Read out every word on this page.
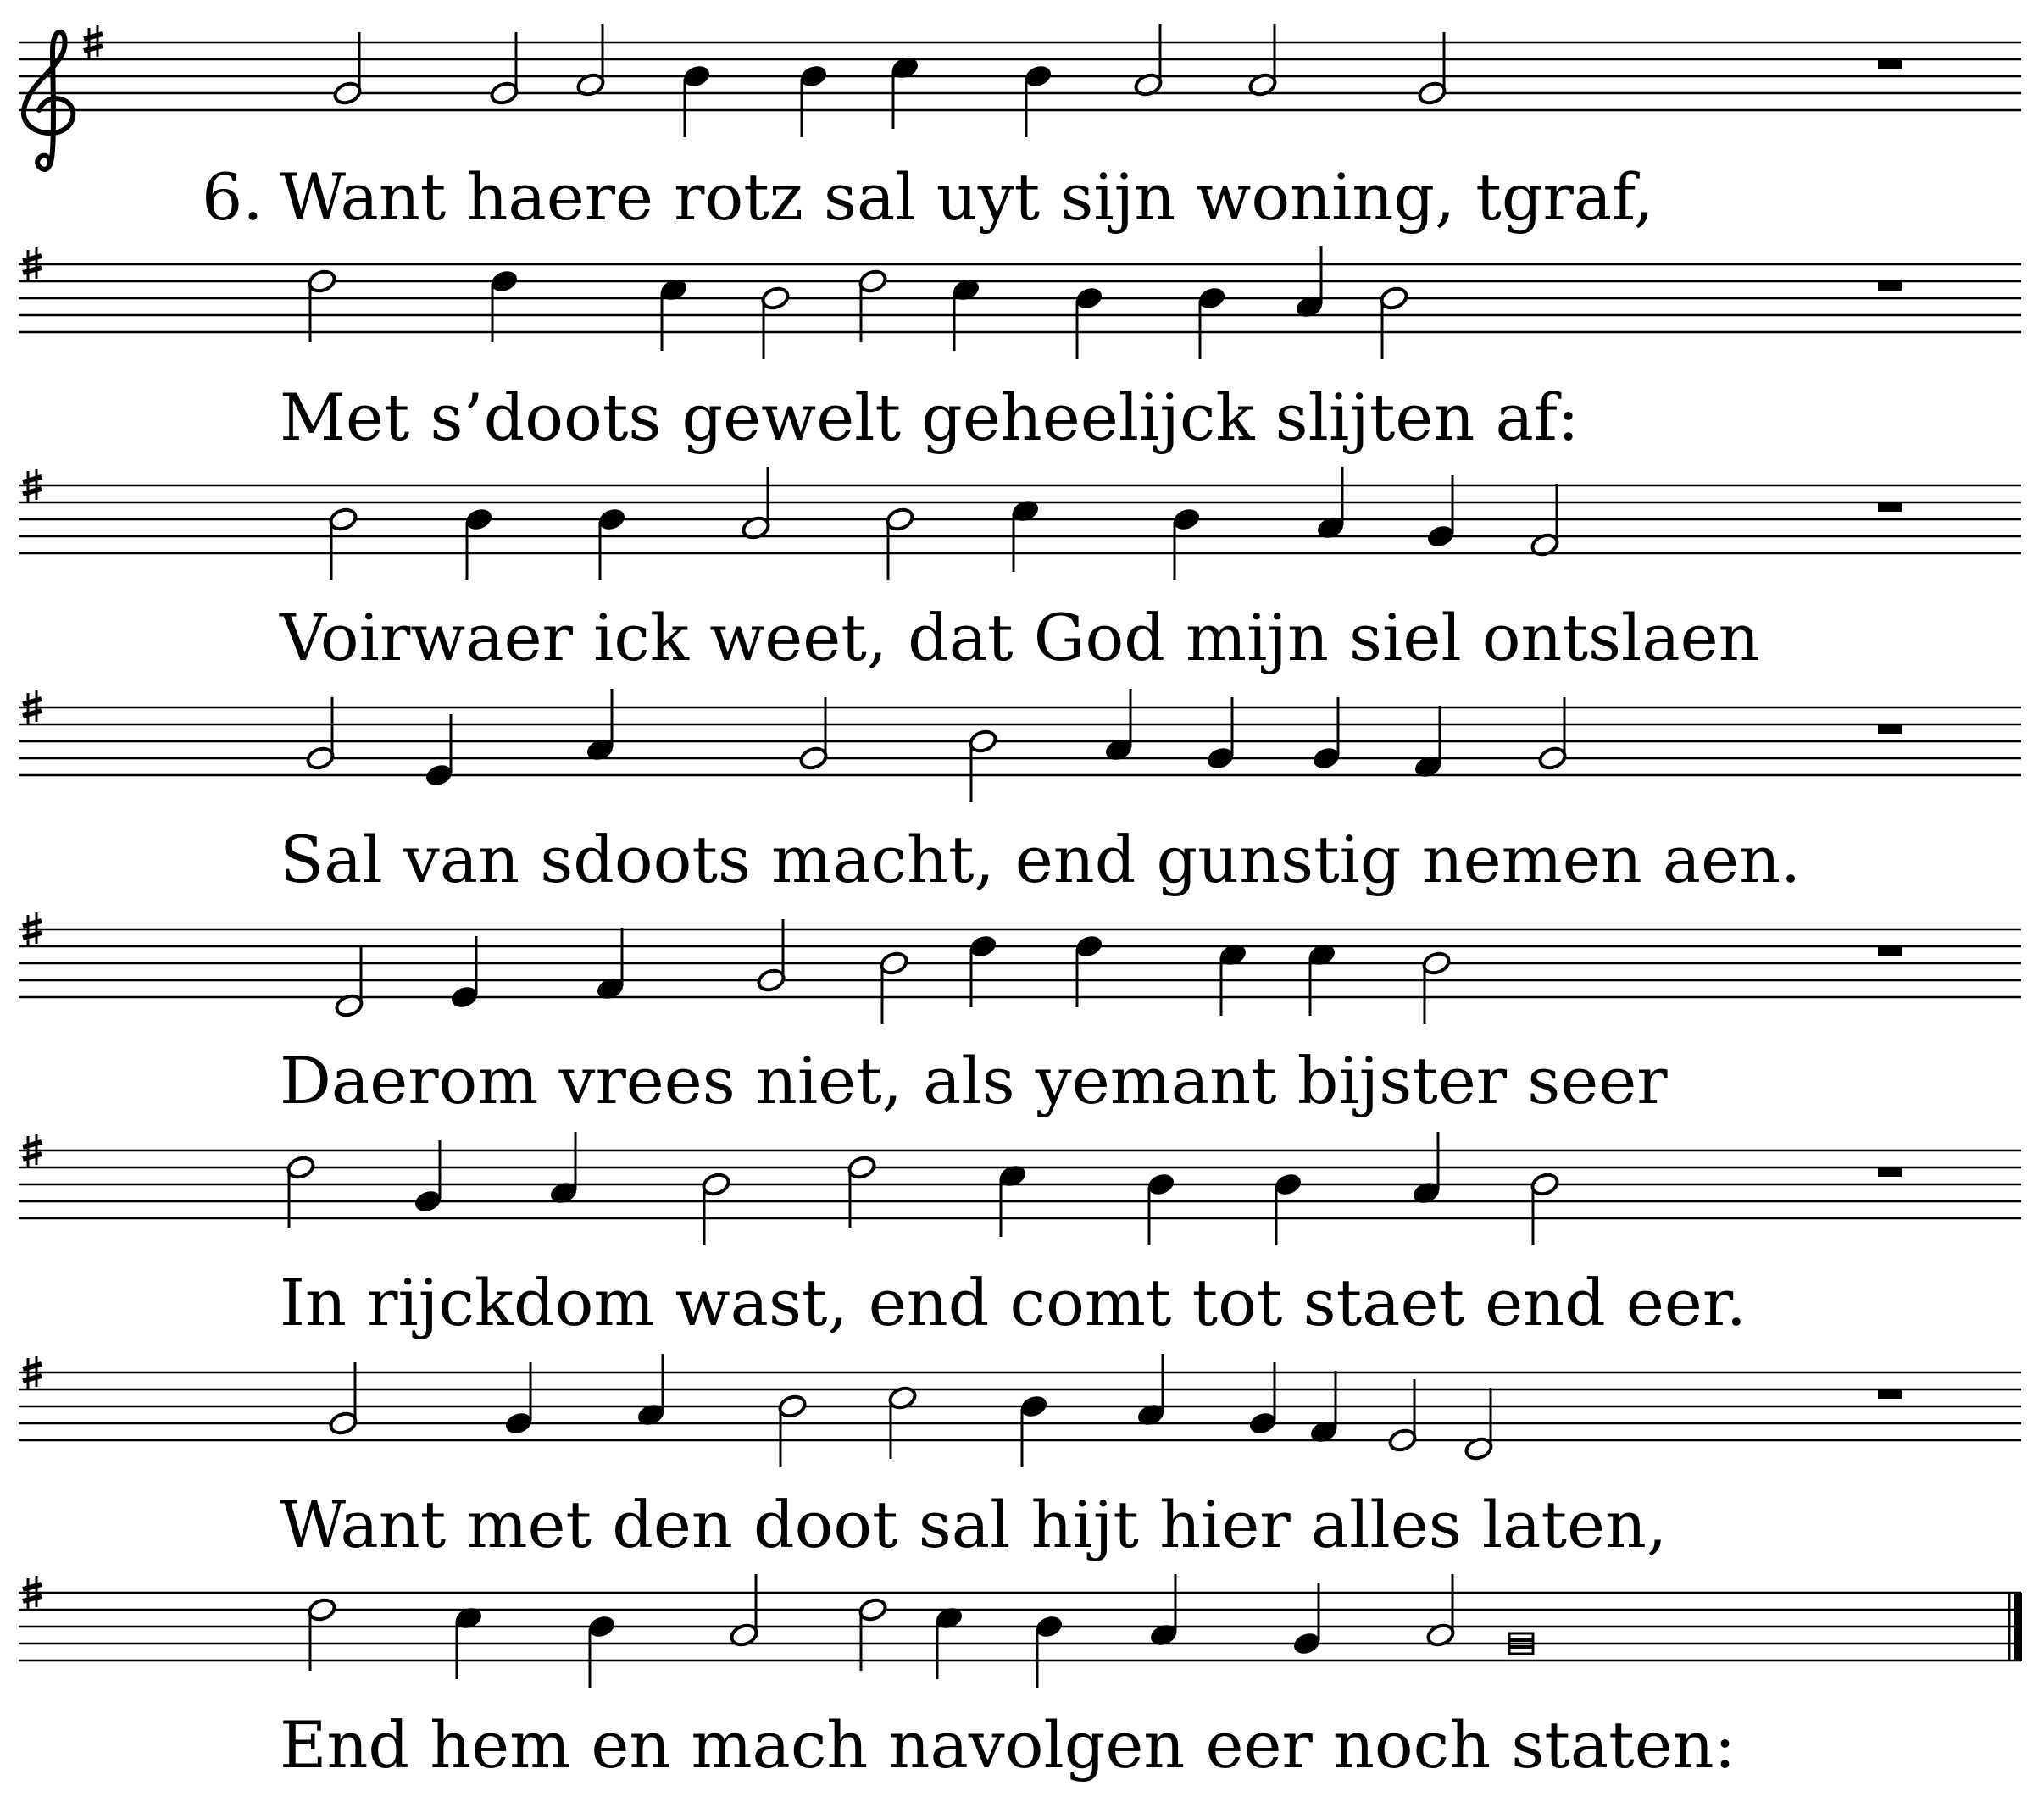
Want haere rotz sal uyt sijn woning, tgraf,
Met s’doots gewelt geheelijck slijten af:
Voirwaer ick weet, dat God mijn siel ontslaen
Sal van sdoots macht, end gunstig nemen aen.
Daerom vrees niet, als yemant bijster seer
In rijckdom wast, end comt tot staet end eer.
Want met den doot sal hijt hier alles laten,
End hem en mach navolgen eer noch staten:
6.
